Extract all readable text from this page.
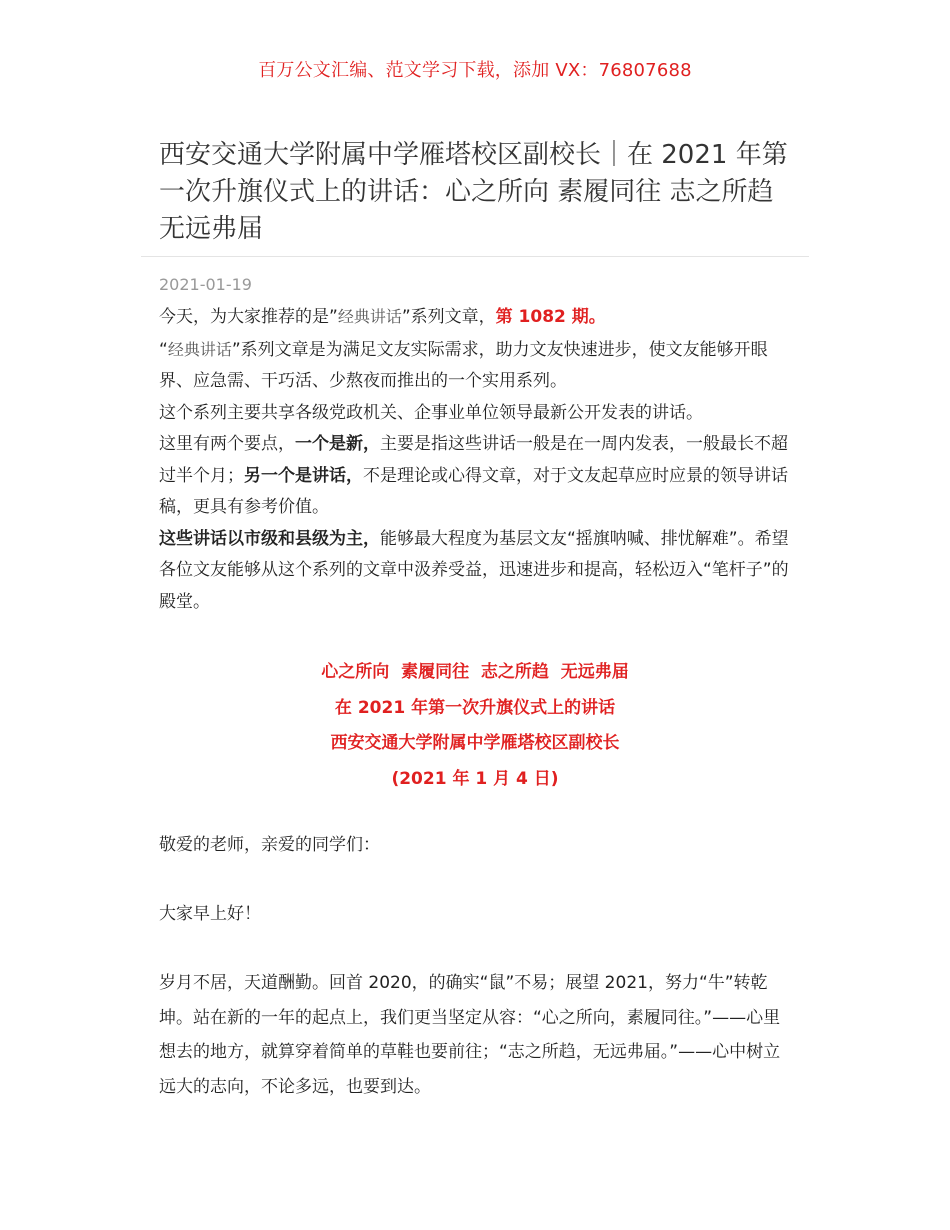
百万公文汇编、范文学习下载，添加 VX：76807688
西安交通大学附属中学雁塔校区副校长｜在 2021 年第一次升旗仪式上的讲话：心之所向 素履同往 志之所趋 无远弗届
2021-01-19

今天，为大家推荐的是”经典讲话”系列文章，第 1082 期。

“经典讲话”系列文章是为满足文友实际需求，助力文友快速进步，使文友能够开眼界、应急需、干巧活、少熬夜而推出的一个实用系列。

这个系列主要共享各级党政机关、企事业单位领导最新公开发表的讲话。

这里有两个要点，一个是新，主要是指这些讲话一般是在一周内发表，一般最长不超过半个月；另一个是讲话，不是理论或心得文章，对于文友起草应时应景的领导讲话稿，更具有参考价值。

这些讲话以市级和县级为主，能够最大程度为基层文友“摇旗呐喊、排忧解难”。希望各位文友能够从这个系列的文章中汲养受益，迅速进步和提高，轻松迈入“笔杆子”的殿堂。

心之所向  素履同往  志之所趋  无远弗届
在 2021 年第一次升旗仪式上的讲话
西安交通大学附属中学雁塔校区副校长
(2021 年 1 月 4 日)

敬爱的老师，亲爱的同学们：

大家早上好！

岁月不居，天道酬勤。回首 2020，的确实“鼠”不易；展望 2021，努力“牛”转乾坤。站在新的一年的起点上，我们更当坚定从容：“心之所向，素履同往。”——心里想去的地方，就算穿着简单的草鞋也要前往；“志之所趋，无远弗届。”——心中树立远大的志向，不论多远，也要到达。
